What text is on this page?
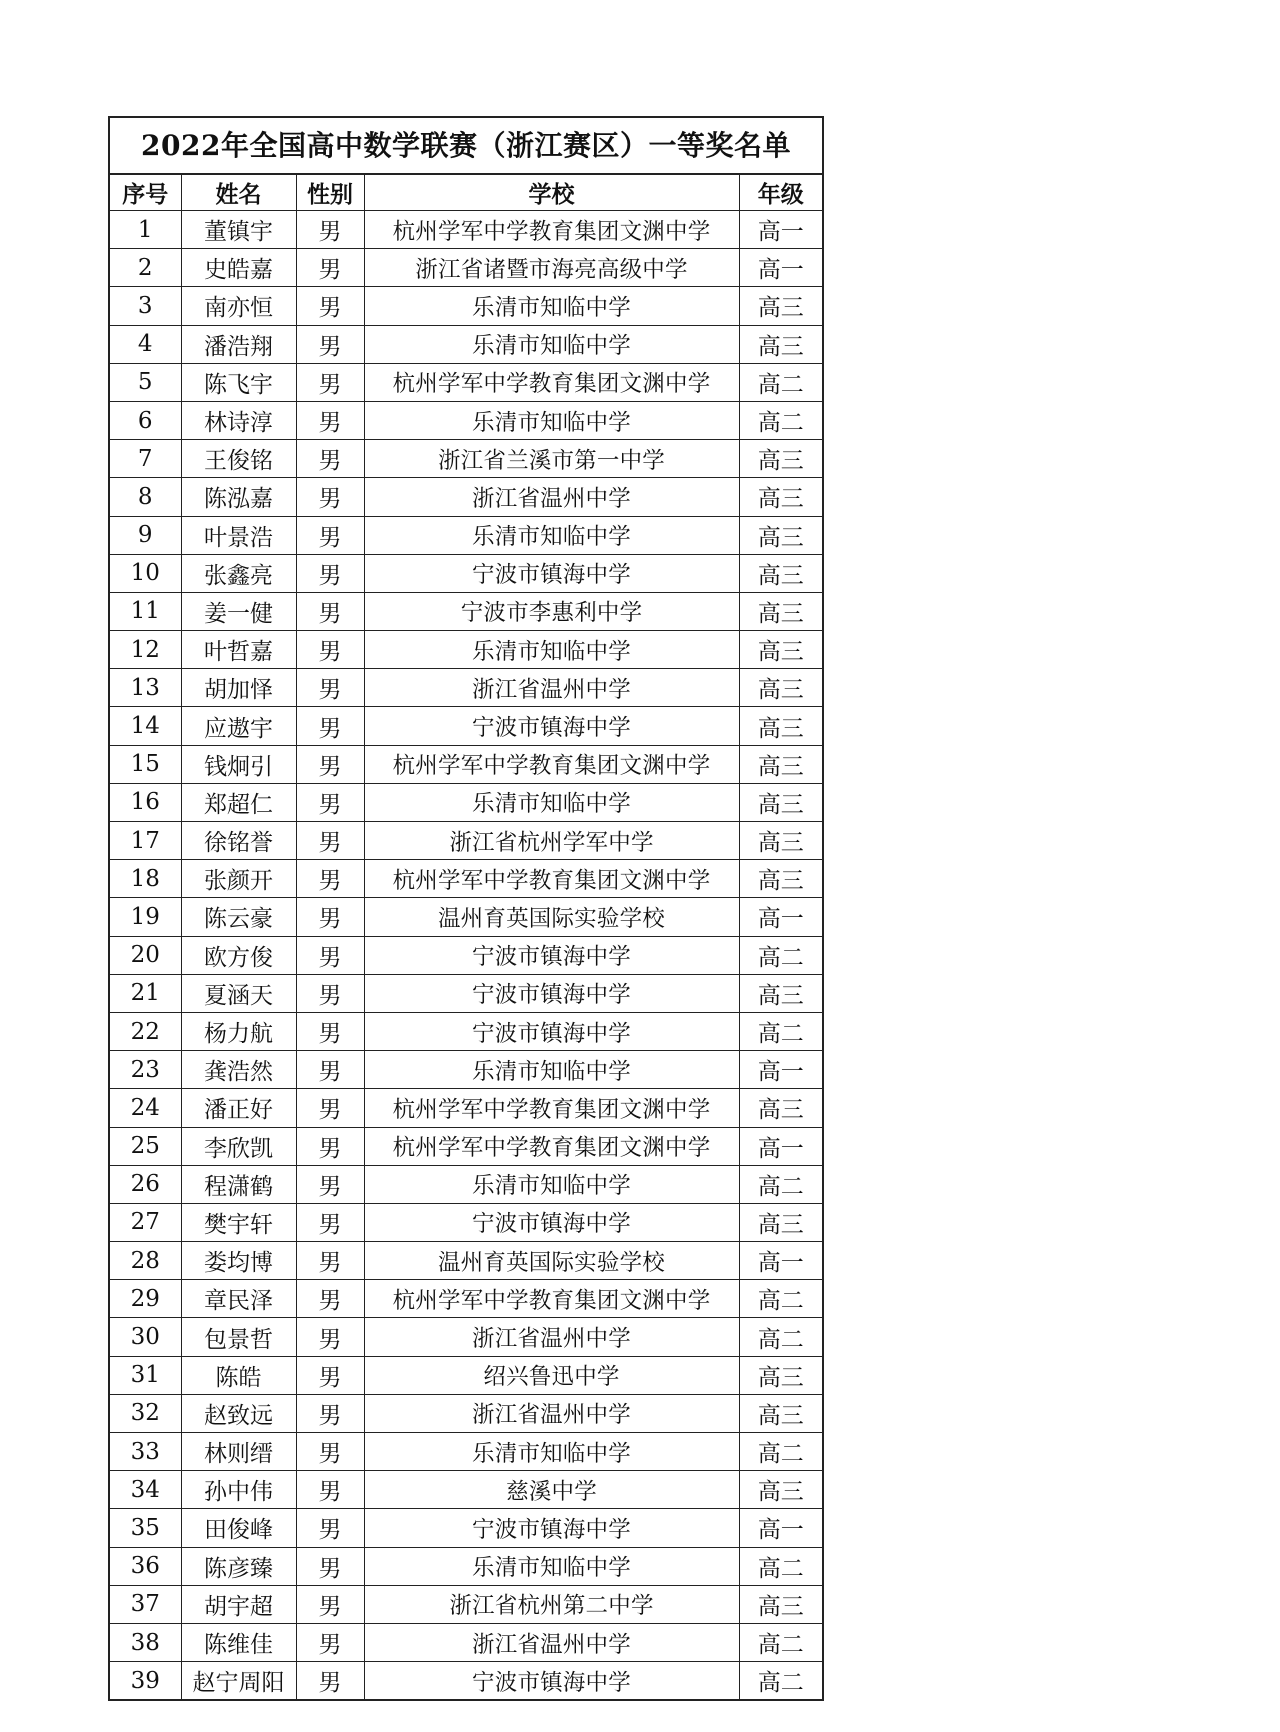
2022年全国高中数学联赛（浙江赛区）一等奖名单
序号	姓名	性别	学校	年级
1	董镇宇	男	杭州学军中学教育集团文渊中学	高一
2	史皓嘉	男	浙江省诸暨市海亮高级中学	高一
3	南亦恒	男	乐清市知临中学	高三
4	潘浩翔	男	乐清市知临中学	高三
5	陈飞宇	男	杭州学军中学教育集团文渊中学	高二
6	林诗淳	男	乐清市知临中学	高二
7	王俊铭	男	浙江省兰溪市第一中学	高三
8	陈泓嘉	男	浙江省温州中学	高三
9	叶景浩	男	乐清市知临中学	高三
10	张鑫亮	男	宁波市镇海中学	高三
11	姜一健	男	宁波市李惠利中学	高三
12	叶哲嘉	男	乐清市知临中学	高三
13	胡加怿	男	浙江省温州中学	高三
14	应遨宇	男	宁波市镇海中学	高三
15	钱炯引	男	杭州学军中学教育集团文渊中学	高三
16	郑超仁	男	乐清市知临中学	高三
17	徐铭誉	男	浙江省杭州学军中学	高三
18	张颜开	男	杭州学军中学教育集团文渊中学	高三
19	陈云豪	男	温州育英国际实验学校	高一
20	欧方俊	男	宁波市镇海中学	高二
21	夏涵天	男	宁波市镇海中学	高三
22	杨力航	男	宁波市镇海中学	高二
23	龚浩然	男	乐清市知临中学	高一
24	潘正好	男	杭州学军中学教育集团文渊中学	高三
25	李欣凯	男	杭州学军中学教育集团文渊中学	高一
26	程潇鹤	男	乐清市知临中学	高二
27	樊宇轩	男	宁波市镇海中学	高三
28	娄均博	男	温州育英国际实验学校	高一
29	章民泽	男	杭州学军中学教育集团文渊中学	高二
30	包景哲	男	浙江省温州中学	高二
31	陈皓	男	绍兴鲁迅中学	高三
32	赵致远	男	浙江省温州中学	高三
33	林则缙	男	乐清市知临中学	高二
34	孙中伟	男	慈溪中学	高三
35	田俊峰	男	宁波市镇海中学	高一
36	陈彦臻	男	乐清市知临中学	高二
37	胡宇超	男	浙江省杭州第二中学	高三
38	陈维佳	男	浙江省温州中学	高二
39	赵宁周阳	男	宁波市镇海中学	高二
